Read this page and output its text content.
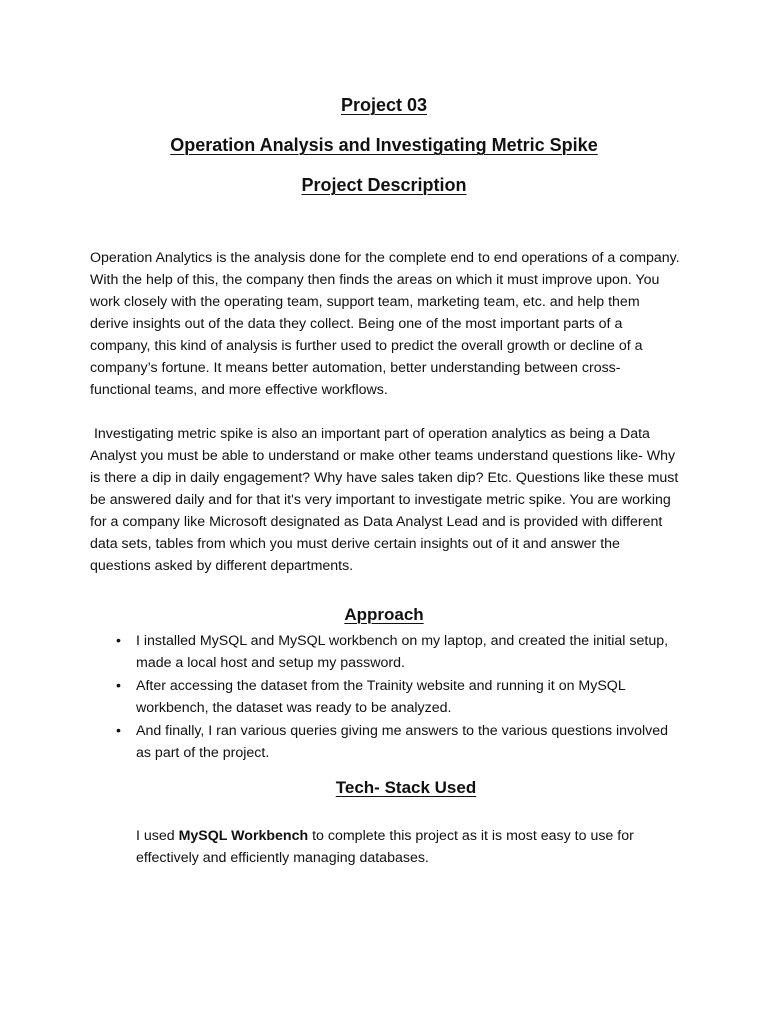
Project 03
Operation Analysis and Investigating Metric Spike
Project Description

Operation Analytics is the analysis done for the complete end to end operations of a company. With the help of this, the company then finds the areas on which it must improve upon. You work closely with the operating team, support team, marketing team, etc. and help them derive insights out of the data they collect. Being one of the most important parts of a company, this kind of analysis is further used to predict the overall growth or decline of a company’s fortune. It means better automation, better understanding between cross-functional teams, and more effective workflows.

Investigating metric spike is also an important part of operation analytics as being a Data Analyst you must be able to understand or make other teams understand questions like- Why is there a dip in daily engagement? Why have sales taken dip? Etc. Questions like these must be answered daily and for that it's very important to investigate metric spike. You are working for a company like Microsoft designated as Data Analyst Lead and is provided with different data sets, tables from which you must derive certain insights out of it and answer the questions asked by different departments.

Approach
• I installed MySQL and MySQL workbench on my laptop, and created the initial setup, made a local host and setup my password.
• After accessing the dataset from the Trainity website and running it on MySQL workbench, the dataset was ready to be analyzed.
• And finally, I ran various queries giving me answers to the various questions involved as part of the project.
Tech- Stack Used

I used MySQL Workbench to complete this project as it is most easy to use for effectively and efficiently managing databases.
